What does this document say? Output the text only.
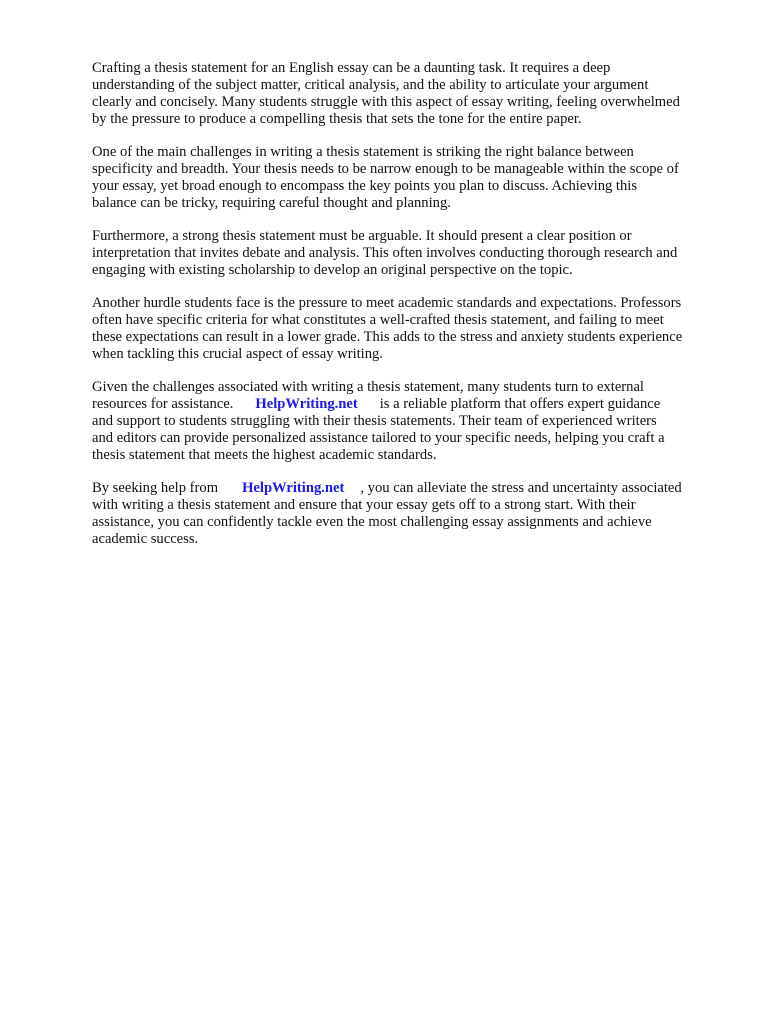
Crafting a thesis statement for an English essay can be a daunting task. It requires a deep
understanding of the subject matter, critical analysis, and the ability to articulate your argument
clearly and concisely. Many students struggle with this aspect of essay writing, feeling overwhelmed
by the pressure to produce a compelling thesis that sets the tone for the entire paper.

One of the main challenges in writing a thesis statement is striking the right balance between
specificity and breadth. Your thesis needs to be narrow enough to be manageable within the scope of
your essay, yet broad enough to encompass the key points you plan to discuss. Achieving this
balance can be tricky, requiring careful thought and planning.

Furthermore, a strong thesis statement must be arguable. It should present a clear position or
interpretation that invites debate and analysis. This often involves conducting thorough research and
engaging with existing scholarship to develop an original perspective on the topic.

Another hurdle students face is the pressure to meet academic standards and expectations. Professors
often have specific criteria for what constitutes a well-crafted thesis statement, and failing to meet
these expectations can result in a lower grade. This adds to the stress and anxiety students experience
when tackling this crucial aspect of essay writing.

Given the challenges associated with writing a thesis statement, many students turn to external
resources for assistance. HelpWriting.net is a reliable platform that offers expert guidance
and support to students struggling with their thesis statements. Their team of experienced writers
and editors can provide personalized assistance tailored to your specific needs, helping you craft a
thesis statement that meets the highest academic standards.

By seeking help from HelpWriting.net , you can alleviate the stress and uncertainty associated
with writing a thesis statement and ensure that your essay gets off to a strong start. With their
assistance, you can confidently tackle even the most challenging essay assignments and achieve
academic success.
